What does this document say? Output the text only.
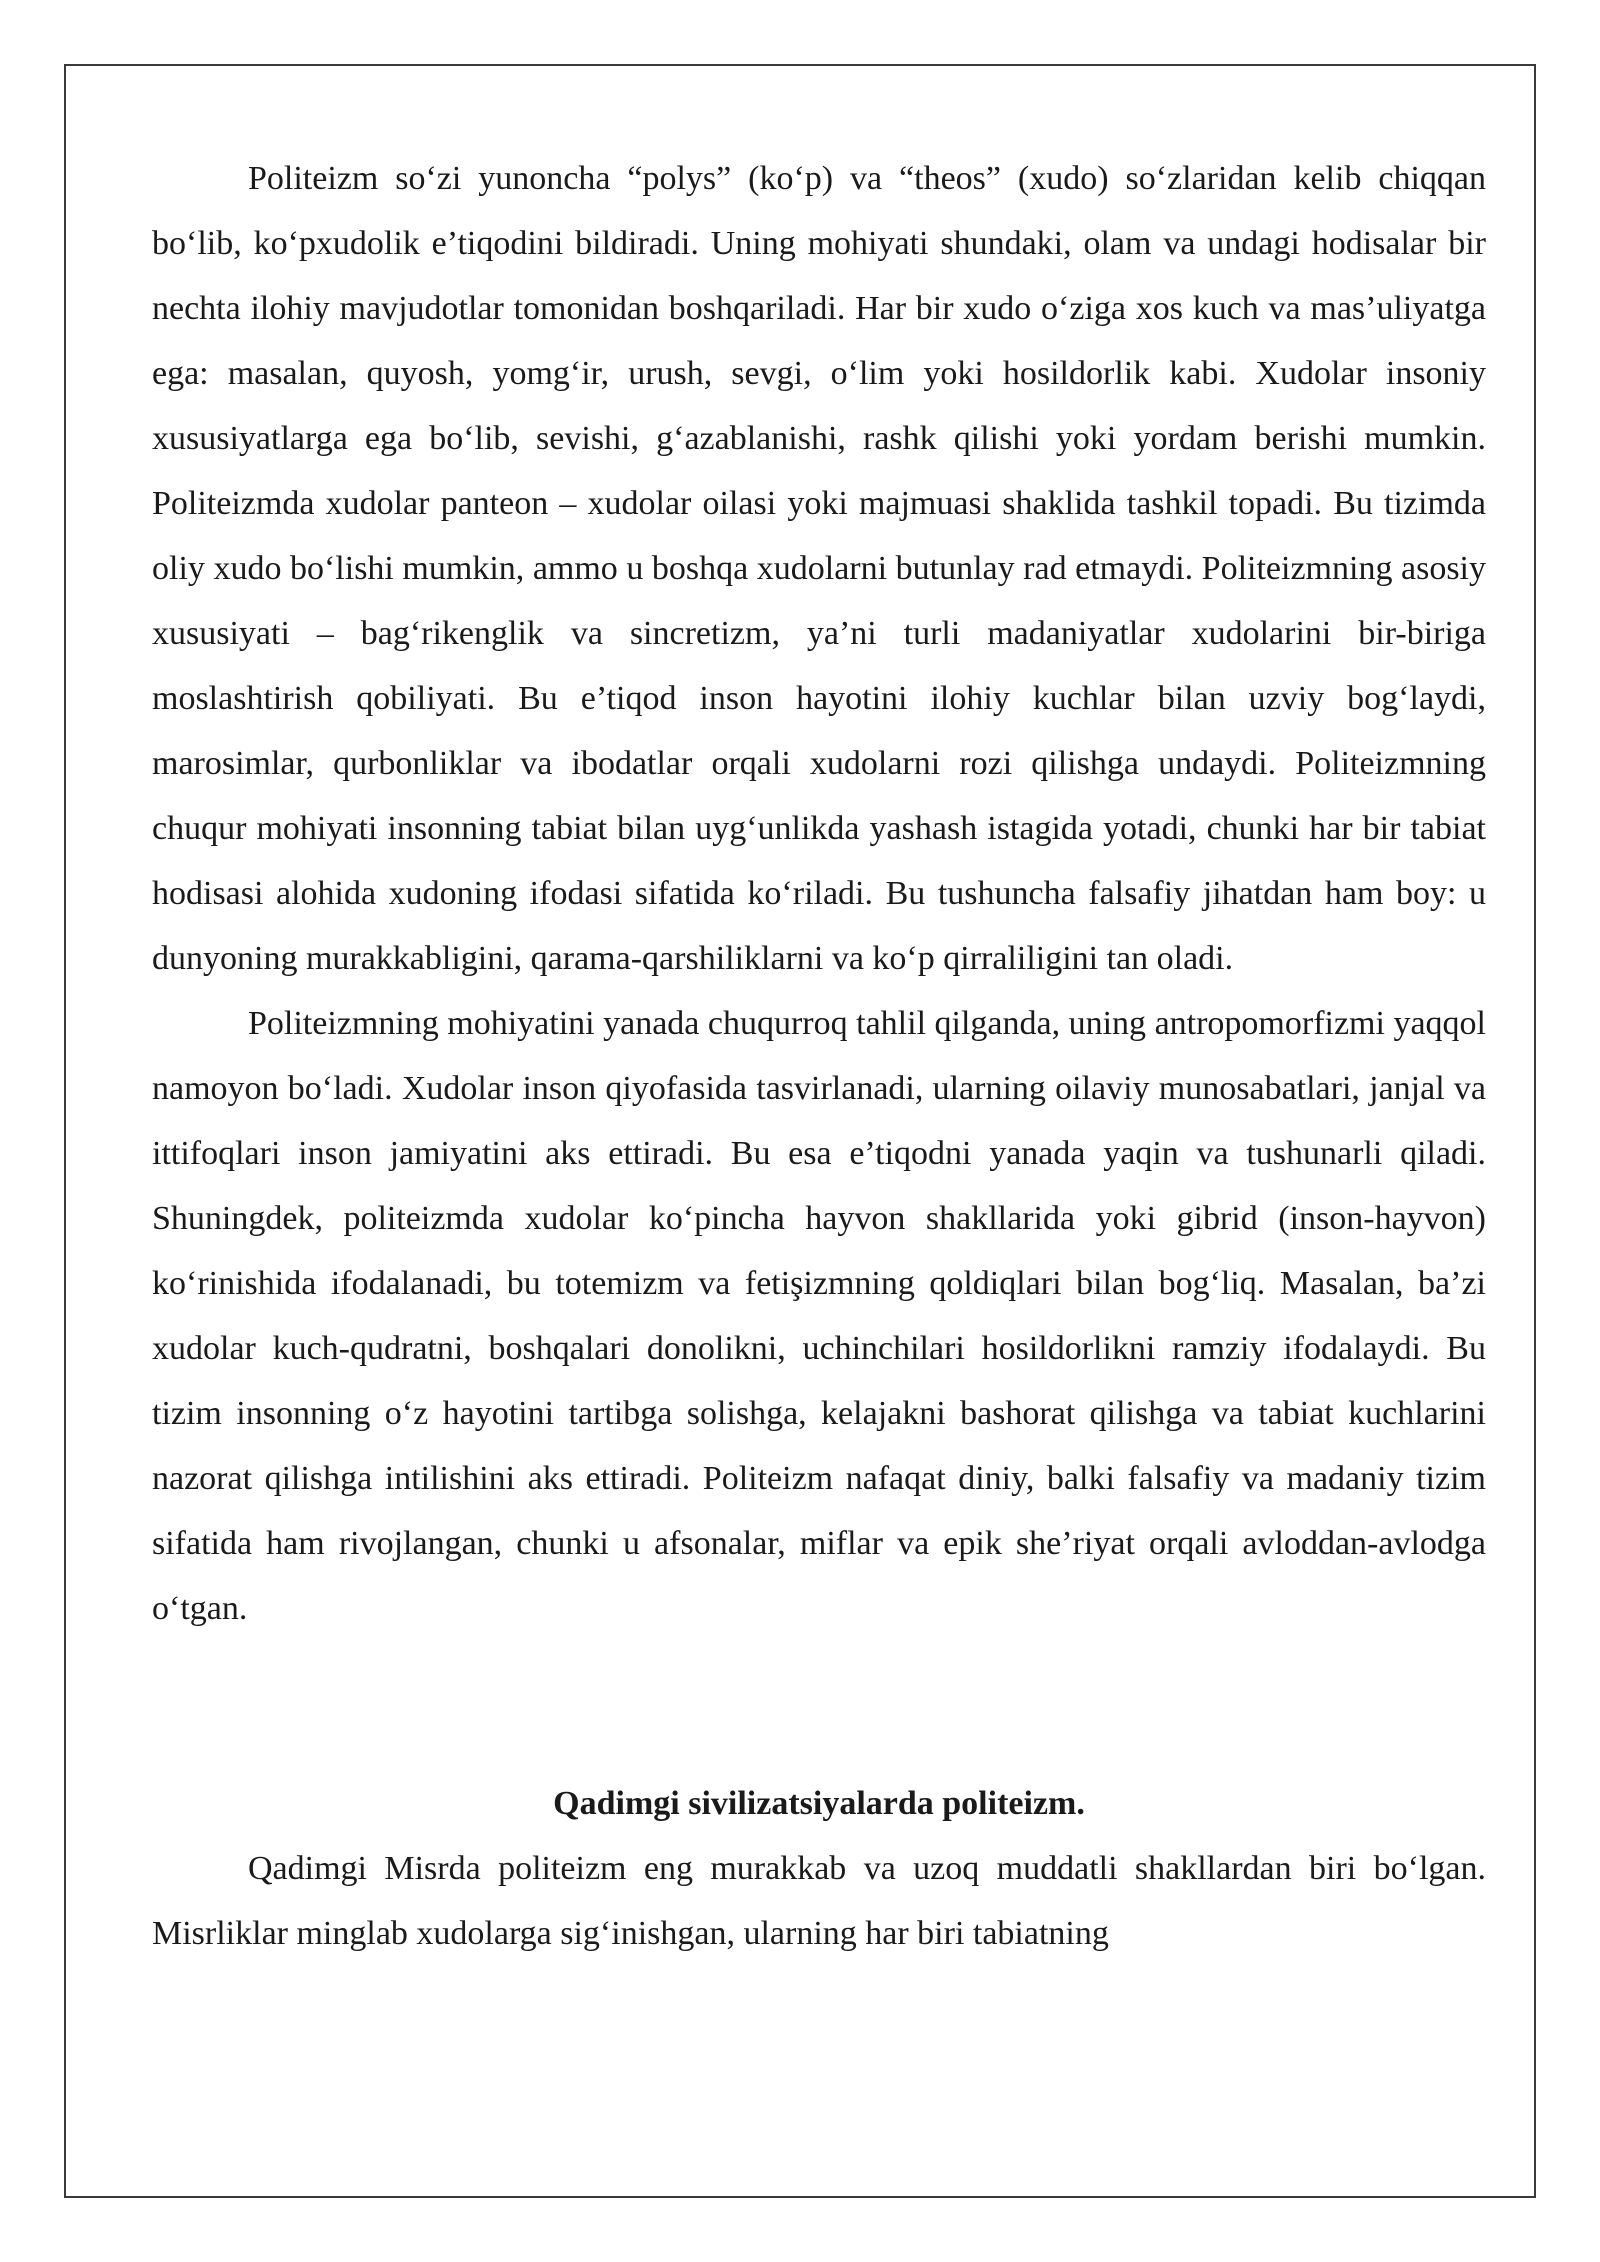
Politeizm so‘zi yunoncha “polys” (ko‘p) va “theos” (xudo) so‘zlaridan kelib chiqqan bo‘lib, ko‘pxudolik e’tiqodini bildiradi. Uning mohiyati shundaki, olam va undagi hodisalar bir nechta ilohiy mavjudotlar tomonidan boshqariladi. Har bir xudo o‘ziga xos kuch va mas’uliyatga ega: masalan, quyosh, yomg‘ir, urush, sevgi, o‘lim yoki hosildorlik kabi. Xudolar insoniy xususiyatlarga ega bo‘lib, sevishi, g‘azablanishi, rashk qilishi yoki yordam berishi mumkin. Politeizmda xudolar panteon – xudolar oilasi yoki majmuasi shaklida tashkil topadi. Bu tizimda oliy xudo bo‘lishi mumkin, ammo u boshqa xudolarni butunlay rad etmaydi. Politeizmning asosiy xususiyati – bag‘rikenglik va sincretizm, ya’ni turli madaniyatlar xudolarini bir-biriga moslashtirish qobiliyati. Bu e’tiqod inson hayotini ilohiy kuchlar bilan uzviy bog‘laydi, marosimlar, qurbonliklar va ibodatlar orqali xudolarni rozi qilishga undaydi. Politeizmning chuqur mohiyati insonning tabiat bilan uyg‘unlikda yashash istagida yotadi, chunki har bir tabiat hodisasi alohida xudoning ifodasi sifatida ko‘riladi. Bu tushuncha falsafiy jihatdan ham boy: u dunyoning murakkabligini, qarama-qarshiliklarni va ko‘p qirraliligini tan oladi.

Politeizmning mohiyatini yanada chuqurroq tahlil qilganda, uning antropomorfizmi yaqqol namoyon bo‘ladi. Xudolar inson qiyofasida tasvirlanadi, ularning oilaviy munosabatlari, janjal va ittifoqlari inson jamiyatini aks ettiradi. Bu esa e’tiqodni yanada yaqin va tushunarli qiladi. Shuningdek, politeizmda xudolar ko‘pincha hayvon shakllarida yoki gibrid (inson-hayvon) ko‘rinishida ifodalanadi, bu totemizm va fetişizmning qoldiqlari bilan bog‘liq. Masalan, ba’zi xudolar kuch-qudratni, boshqalari donolikni, uchinchilari hosildorlikni ramziy ifodalaydi. Bu tizim insonning o‘z hayotini tartibga solishga, kelajakni bashorat qilishga va tabiat kuchlarini nazorat qilishga intilishini aks ettiradi. Politeizm nafaqat diniy, balki falsafiy va madaniy tizim sifatida ham rivojlangan, chunki u afsonalar, miflar va epik she’riyat orqali avloddan-avlodga o‘tgan.

Qadimgi sivilizatsiyalarda politeizm.

Qadimgi Misrda politeizm eng murakkab va uzoq muddatli shakllardan biri bo‘lgan. Misrliklar minglab xudolarga sig‘inishgan, ularning har biri tabiatning
